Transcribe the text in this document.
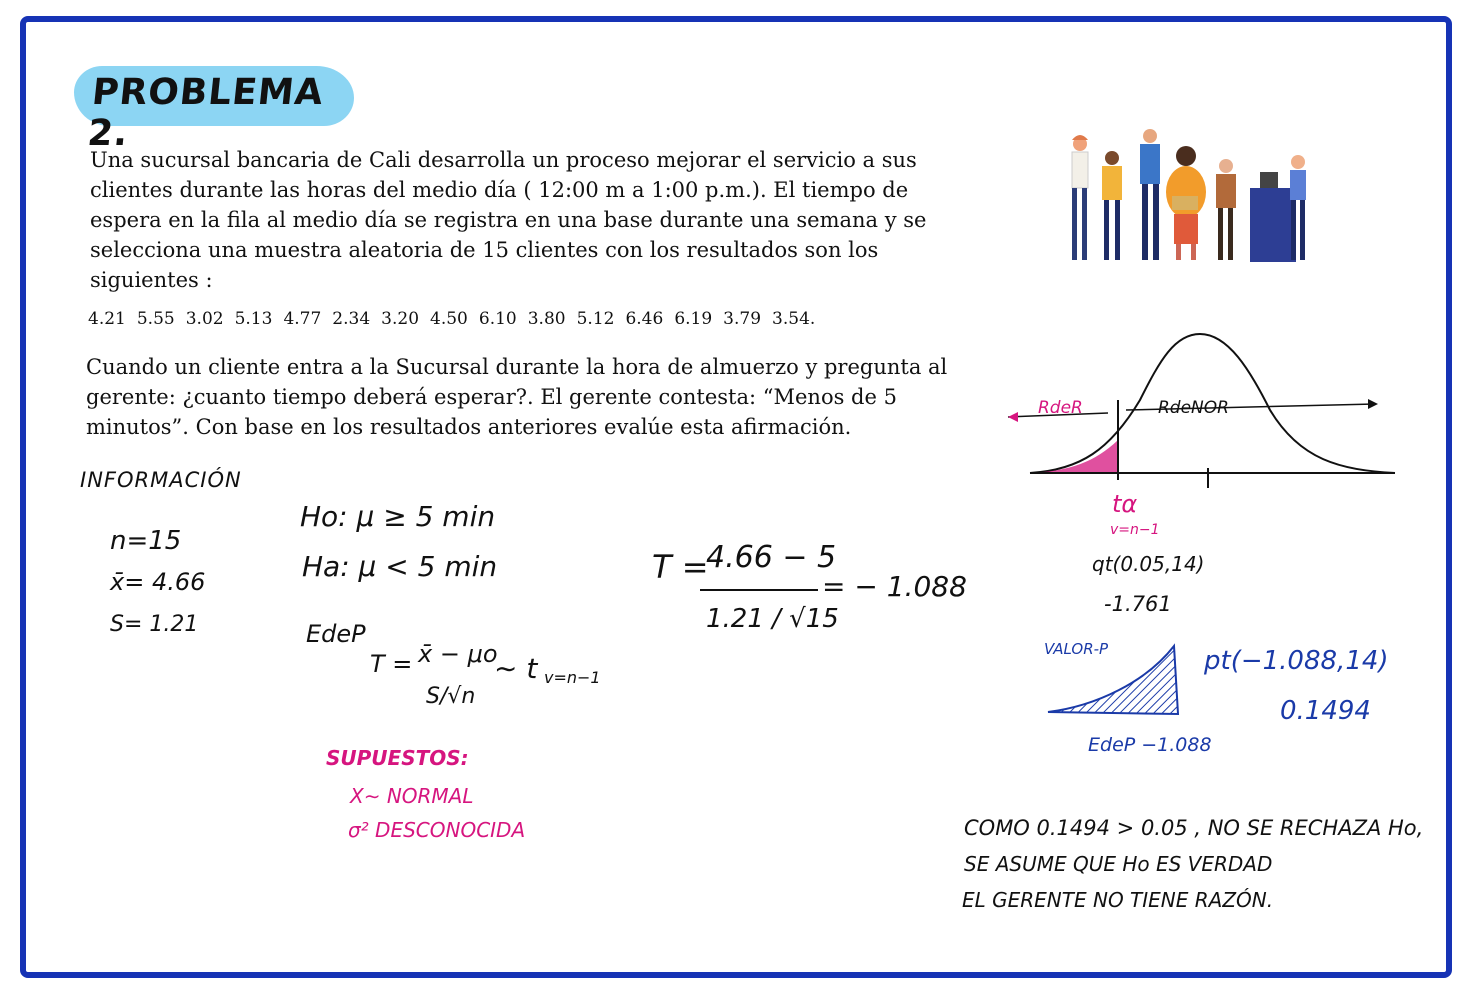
PROBLEMA 2.
Una sucursal bancaria de Cali desarrolla un proceso mejorar el servicio a sus clientes durante las horas del medio día ( 12:00 m a 1:00 p.m.). El tiempo de espera en la fila al medio día se registra en una base durante una semana y se selecciona una muestra aleatoria de 15 clientes con los resultados son los siguientes :
4.21 5.55 3.02 5.13 4.77 2.34 3.20 4.50 6.10 3.80 5.12 6.46 6.19 3.79 3.54.
Cuando un cliente entra a la Sucursal durante la hora de almuerzo y pregunta al gerente: ¿cuanto tiempo deberá esperar?. El gerente contesta: “Menos de 5 minutos”. Con base en los resultados anteriores evalúe esta afirmación.
INFORMACIÓN
n=15
x̄= 4.66
S= 1.21
Ho: μ ≥ 5 min
Ha: μ < 5 min
EdeP
T = x̄ − μo
S/√n
∼ t v=n−1
SUPUESTOS:
X∼ NORMAL
σ² DESCONOCIDA
T =
4.66 − 5
1.21 / √15
= − 1.088
RdeR	RdeNOR
tα
v=n−1
qt(0.05,14)
-1.761
VALOR-P	pt(−1.088,14)
0.1494
EdeP −1.088
COMO 0.1494 > 0.05 , NO SE RECHAZA Ho,
SE ASUME QUE Ho ES VERDAD
EL GERENTE NO TIENE RAZÓN.
